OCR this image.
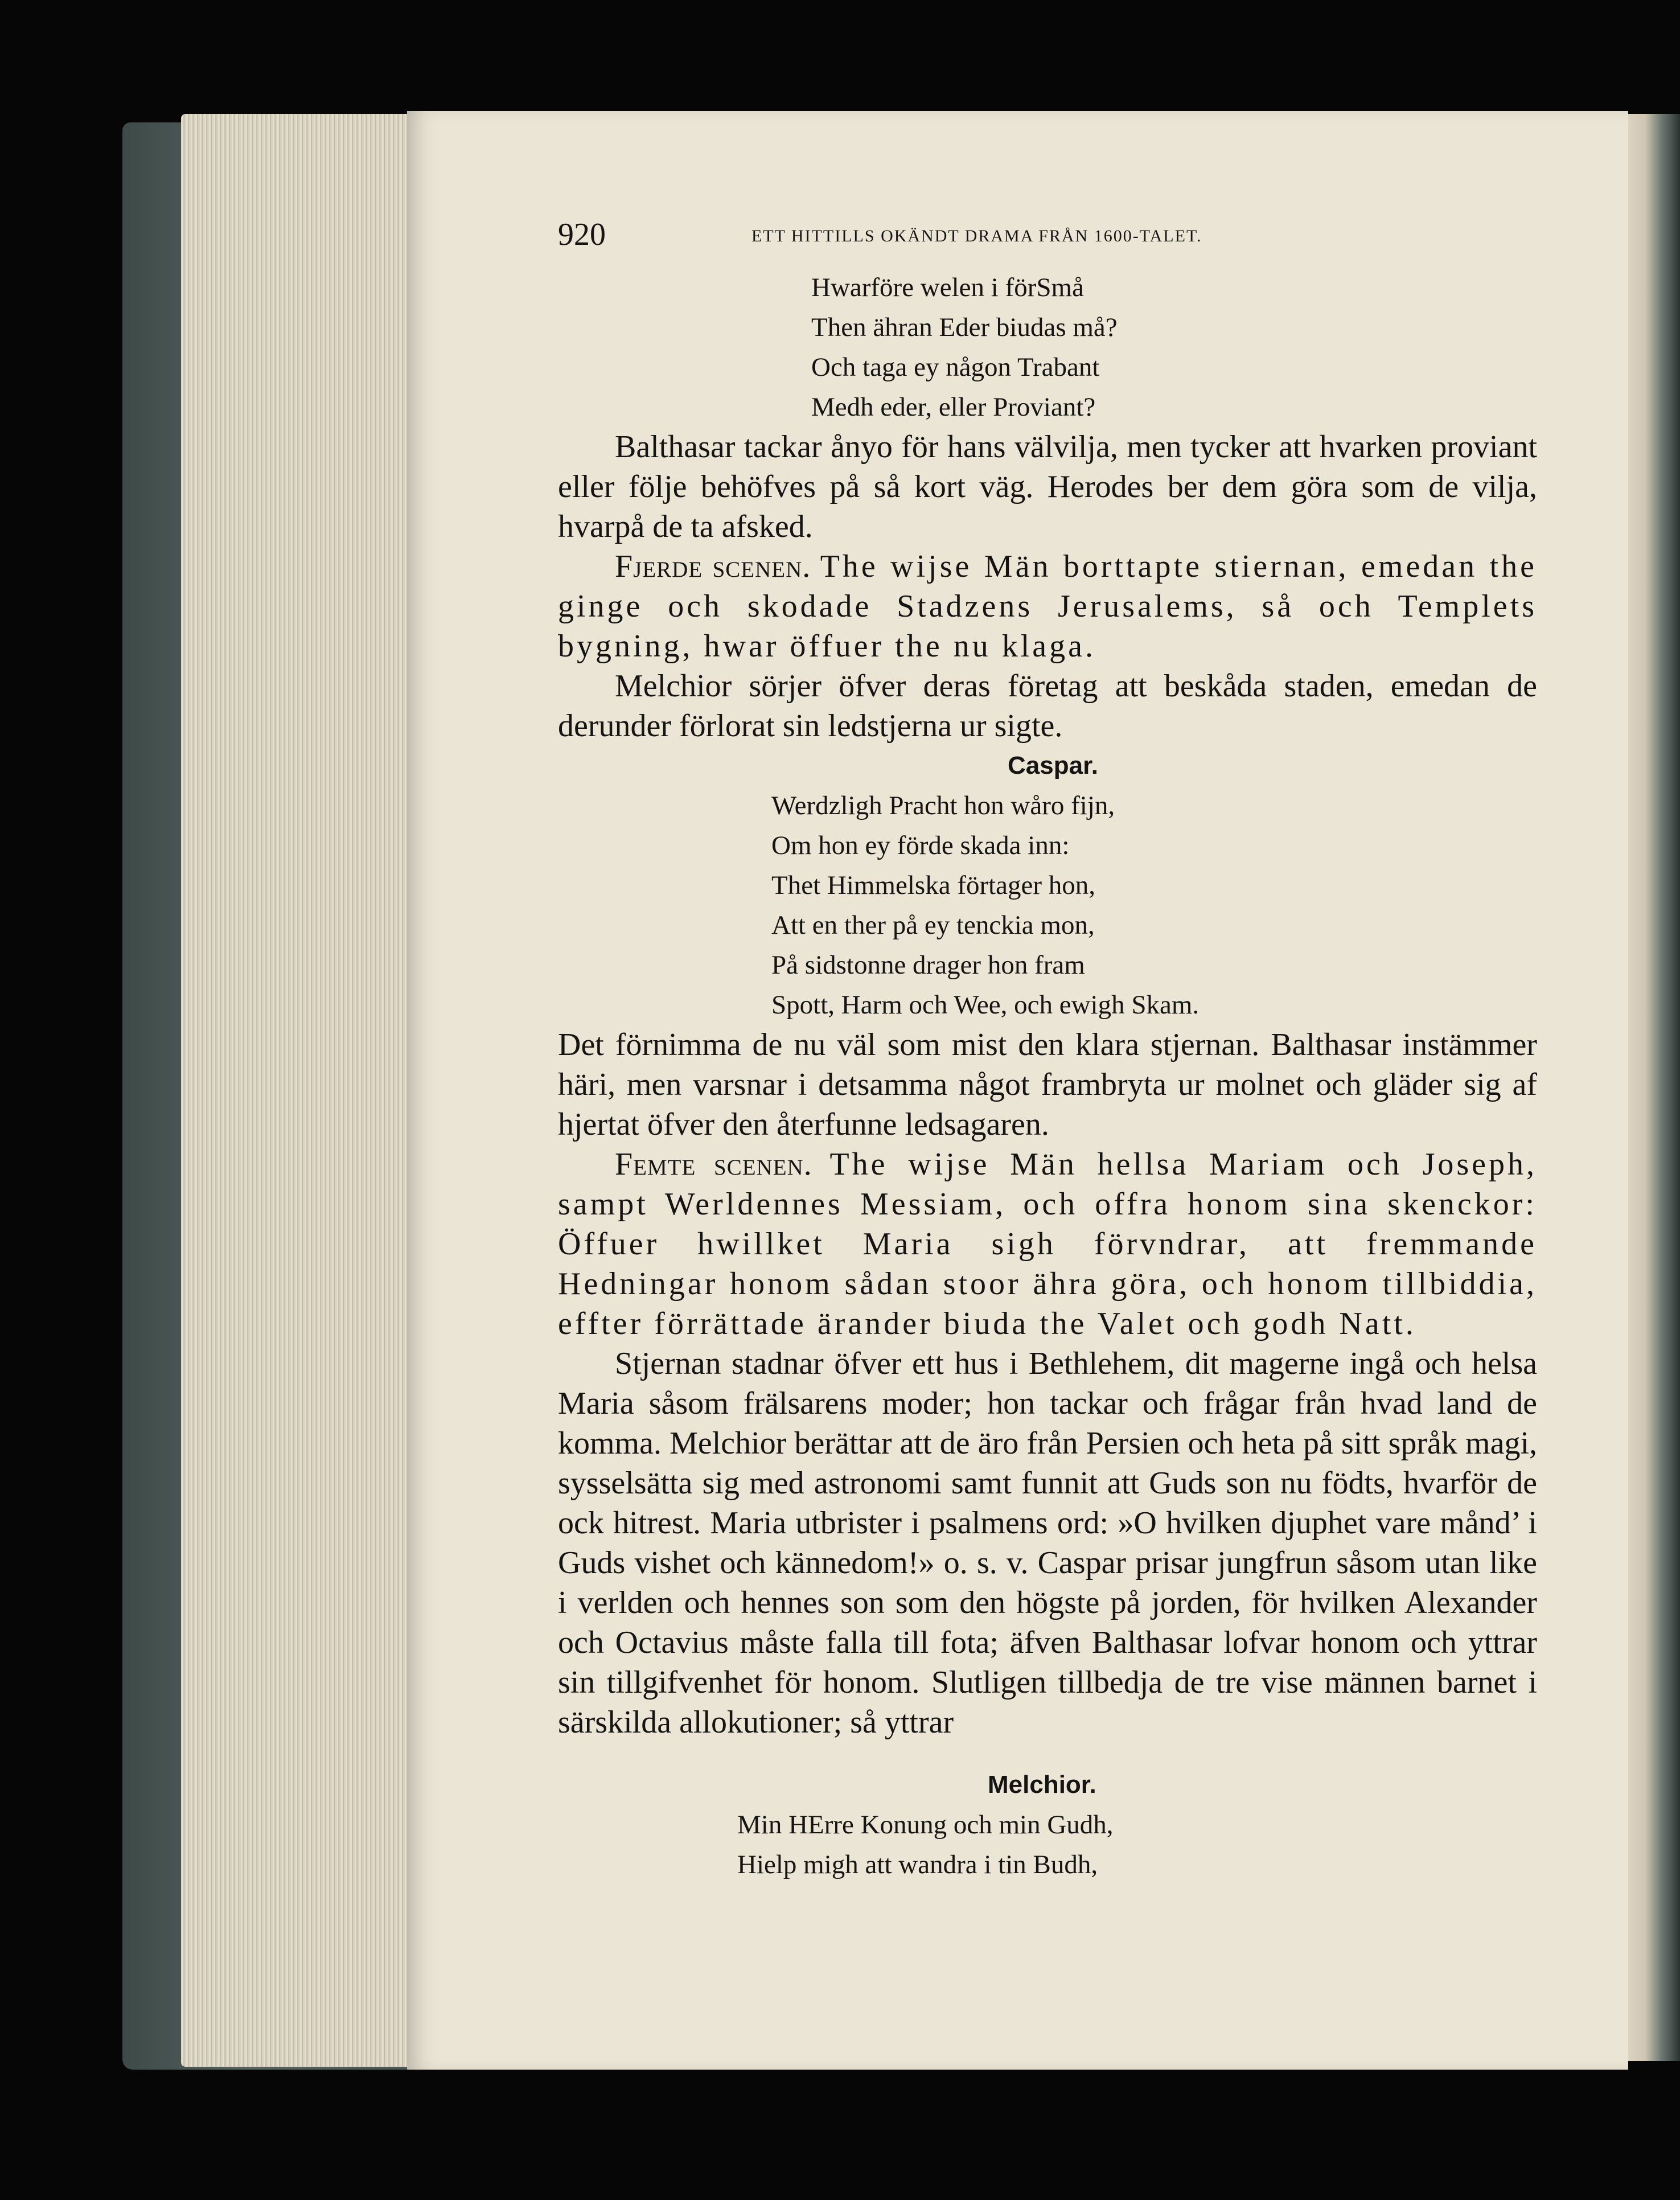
920	ETT HITTILLS OKÄNDT DRAMA FRÅN 1600-TALET.
Hwarföre welen i förSmå
Then ähran Eder biudas må?
Och taga ey någon Trabant
Medh eder, eller Proviant?

Balthasar tackar ånyo för hans välvilja, men tycker att hvarken proviant eller följe behöfves på så kort väg. Herodes ber dem göra som de vilja, hvarpå de ta afsked.

Fjerde scenen. The wijse Män borttapte stiernan, emedan the ginge och skodade Stadzens Jerusalems, så och Templets bygning, hwar öffuer the nu klaga.

Melchior sörjer öfver deras företag att beskåda staden, emedan de derunder förlorat sin ledstjerna ur sigte.

Caspar.

Werdzligh Pracht hon wåro fijn,
Om hon ey förde skada inn:
Thet Himmelska förtager hon,
Att en ther på ey tenckia mon,
På sidstonne drager hon fram
Spott, Harm och Wee, och ewigh Skam.

Det förnimma de nu väl som mist den klara stjernan. Balthasar instämmer häri, men varsnar i detsamma något frambryta ur molnet och gläder sig af hjertat öfver den återfunne ledsagaren.

Femte scenen. The wijse Män hellsa Mariam och Joseph, sampt Werldennes Messiam, och offra honom sina skenckor: Öffuer hwillket Maria sigh förvndrar, att fremmande Hedningar honom sådan stoor ähra göra, och honom tillbiddia, effter förrättade ärander biuda the Valet och godh Natt.

Stjernan stadnar öfver ett hus i Bethlehem, dit magerne ingå och helsa Maria såsom frälsarens moder; hon tackar och frågar från hvad land de komma. Melchior berättar att de äro från Persien och heta på sitt språk magi, sysselsätta sig med astronomi samt funnit att Guds son nu födts, hvarför de ock hitrest. Maria utbrister i psalmens ord: »O hvilken djuphet vare månd’ i Guds vishet och kännedom!» o. s. v. Caspar prisar jungfrun såsom utan like i verlden och hennes son som den högste på jorden, för hvilken Alexander och Octavius måste falla till fota; äfven Balthasar lofvar honom och yttrar sin tillgifvenhet för honom. Slutligen tillbedja de tre vise männen barnet i särskilda allokutioner; så yttrar

Melchior.

Min HErre Konung och min Gudh,
Hielp migh att wandra i tin Budh,
